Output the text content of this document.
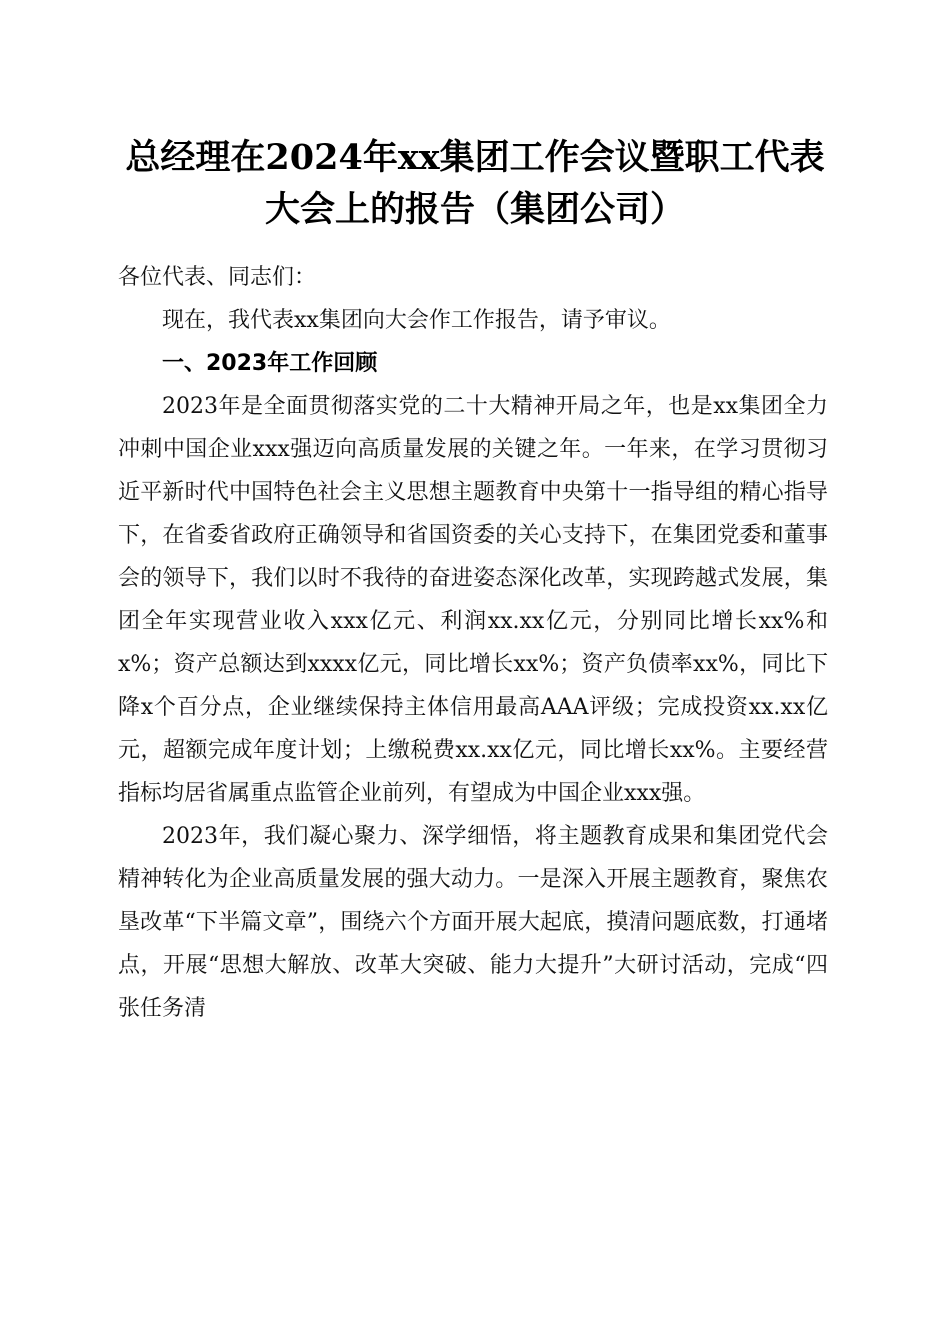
总经理在2024年xx集团工作会议暨职工代表
大会上的报告（集团公司）

各位代表、同志们：

现在，我代表xx集团向大会作工作报告，请予审议。

一、2023年工作回顾

2023年是全面贯彻落实党的二十大精神开局之年，也是xx集团全力冲刺中国企业xxx强迈向高质量发展的关键之年。一年来，在学习贯彻习近平新时代中国特色社会主义思想主题教育中央第十一指导组的精心指导下，在省委省政府正确领导和省国资委的关心支持下，在集团党委和董事会的领导下，我们以时不我待的奋进姿态深化改革，实现跨越式发展，集团全年实现营业收入xxx亿元、利润xx.xx亿元，分别同比增长xx%和x%；资产总额达到xxxx亿元，同比增长xx%；资产负债率xx%，同比下降x个百分点，企业继续保持主体信用最高AAA评级；完成投资xx.xx亿元，超额完成年度计划；上缴税费xx.xx亿元，同比增长xx%。主要经营指标均居省属重点监管企业前列，有望成为中国企业xxx强。

2023年，我们凝心聚力、深学细悟，将主题教育成果和集团党代会精神转化为企业高质量发展的强大动力。一是深入开展主题教育，聚焦农垦改革“下半篇文章”，围绕六个方面开展大起底，摸清问题底数，打通堵点，开展“思想大解放、改革大突破、能力大提升”大研讨活动，完成“四张任务清
